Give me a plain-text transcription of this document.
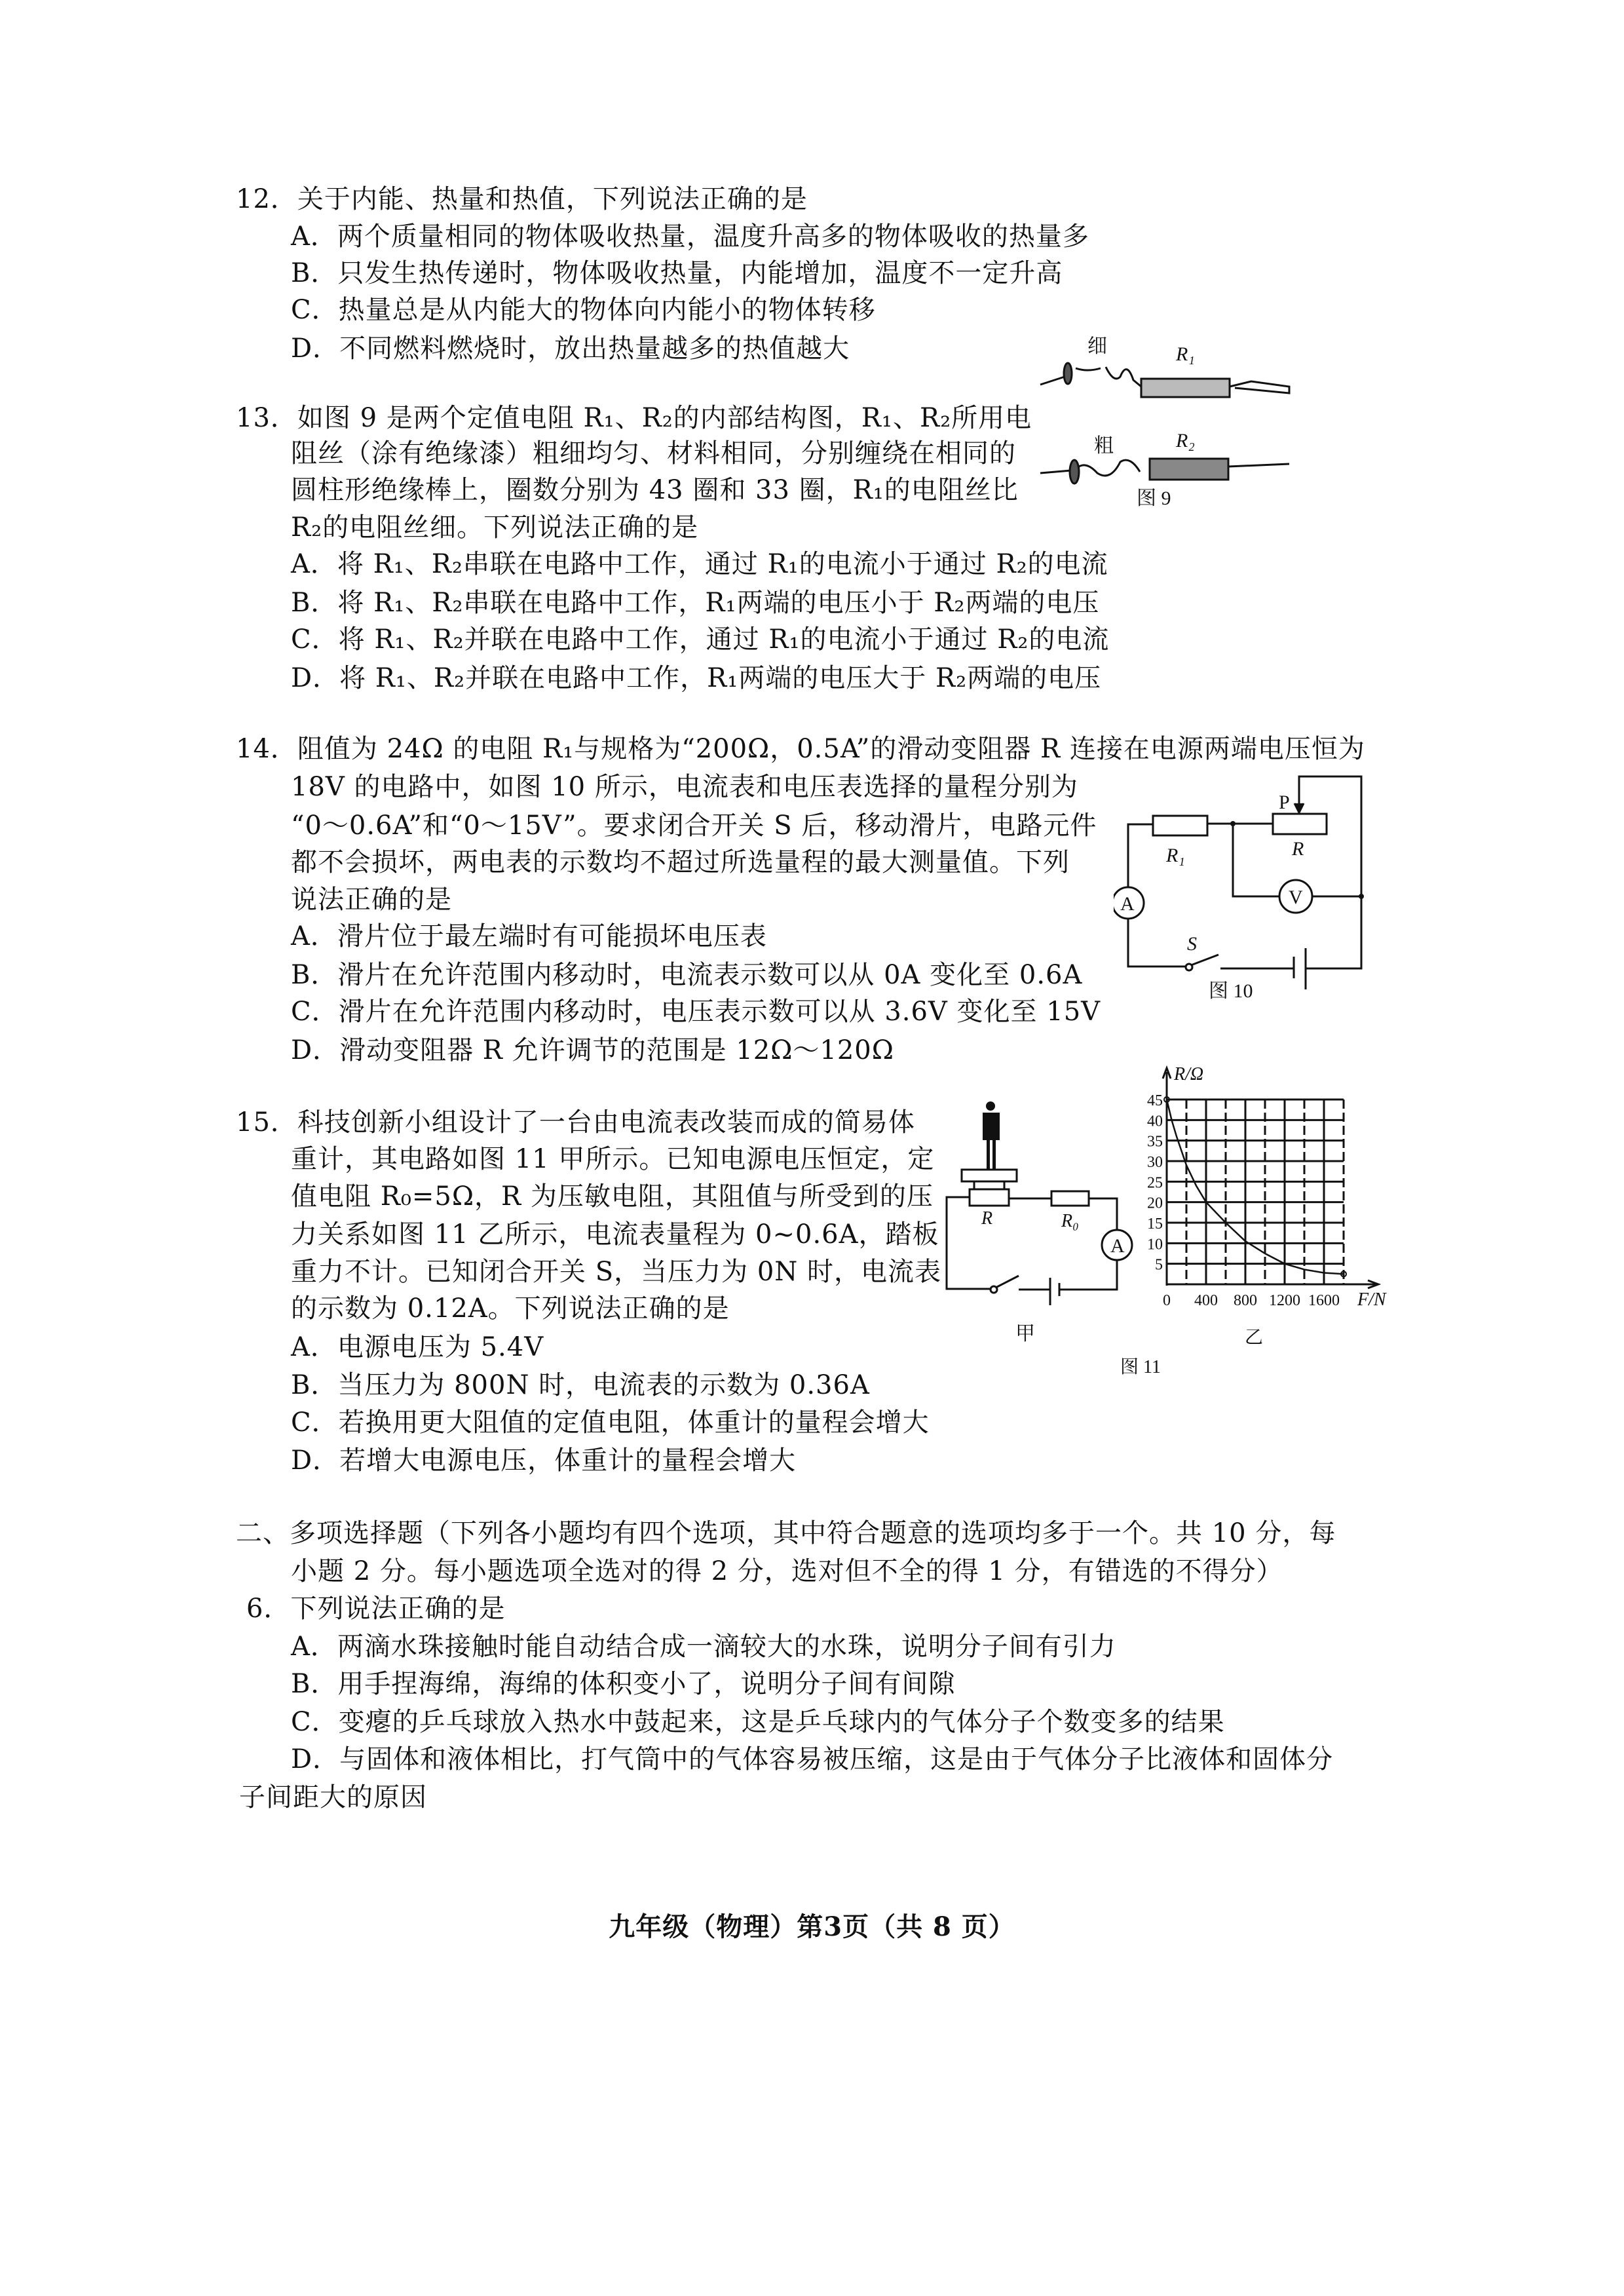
12．关于内能、热量和热值，下列说法正确的是
A．两个质量相同的物体吸收热量，温度升高多的物体吸收的热量多
B．只发生热传递时，物体吸收热量，内能增加，温度不一定升高
C．热量总是从内能大的物体向内能小的物体转移
D．不同燃料燃烧时，放出热量越多的热值越大
13．如图 9 是两个定值电阻 R₁、R₂的内部结构图，R₁、R₂所用电
阻丝（涂有绝缘漆）粗细均匀、材料相同，分别缠绕在相同的
圆柱形绝缘棒上，圈数分别为 43 圈和 33 圈，R₁的电阻丝比
R₂的电阻丝细。下列说法正确的是
A．将 R₁、R₂串联在电路中工作，通过 R₁的电流小于通过 R₂的电流
B．将 R₁、R₂串联在电路中工作，R₁两端的电压小于 R₂两端的电压
C．将 R₁、R₂并联在电路中工作，通过 R₁的电流小于通过 R₂的电流
D．将 R₁、R₂并联在电路中工作，R₁两端的电压大于 R₂两端的电压
细	R₁
粗	R₂
图 9
14．阻值为 24Ω 的电阻 R₁与规格为“200Ω，0.5A”的滑动变阻器 R 连接在电源两端电压恒为
18V 的电路中，如图 10 所示，电流表和电压表选择的量程分别为
“0～0.6A”和“0～15V”。要求闭合开关 S 后，移动滑片，电路元件
都不会损坏，两电表的示数均不超过所选量程的最大测量值。下列
说法正确的是
A．滑片位于最左端时有可能损坏电压表
B．滑片在允许范围内移动时，电流表示数可以从 0A 变化至 0.6A
C．滑片在允许范围内移动时，电压表示数可以从 3.6V 变化至 15V
D．滑动变阻器 R 允许调节的范围是 12Ω～120Ω
A	V
R₁	R
P
S
图 10
15．科技创新小组设计了一台由电流表改装而成的简易体
重计，其电路如图 11 甲所示。已知电源电压恒定，定
值电阻 R₀=5Ω，R 为压敏电阻，其阻值与所受到的压
力关系如图 11 乙所示，电流表量程为 0~0.6A，踏板
重力不计。已知闭合开关 S，当压力为 0N 时，电流表
的示数为 0.12A。下列说法正确的是
A．电源电压为 5.4V
B．当压力为 800N 时，电流表的示数为 0.36A
C．若换用更大阻值的定值电阻，体重计的量程会增大
D．若增大电源电压，体重计的量程会增大
A
R	R₀
甲
5
10
15
20
25
30
35
40
45
0 400 800 1200 1600
R/Ω
F/N
乙
图 11
二、多项选择题（下列各小题均有四个选项，其中符合题意的选项均多于一个。共 10 分，每
小题 2 分。每小题选项全选对的得 2 分，选对但不全的得 1 分，有错选的不得分）
6．下列说法正确的是
A．两滴水珠接触时能自动结合成一滴较大的水珠，说明分子间有引力
B．用手捏海绵，海绵的体积变小了，说明分子间有间隙
C．变瘪的乒乓球放入热水中鼓起来，这是乒乓球内的气体分子个数变多的结果
D．与固体和液体相比，打气筒中的气体容易被压缩，这是由于气体分子比液体和固体分
子间距大的原因
九年级（物理）第3页（共 8 页）
